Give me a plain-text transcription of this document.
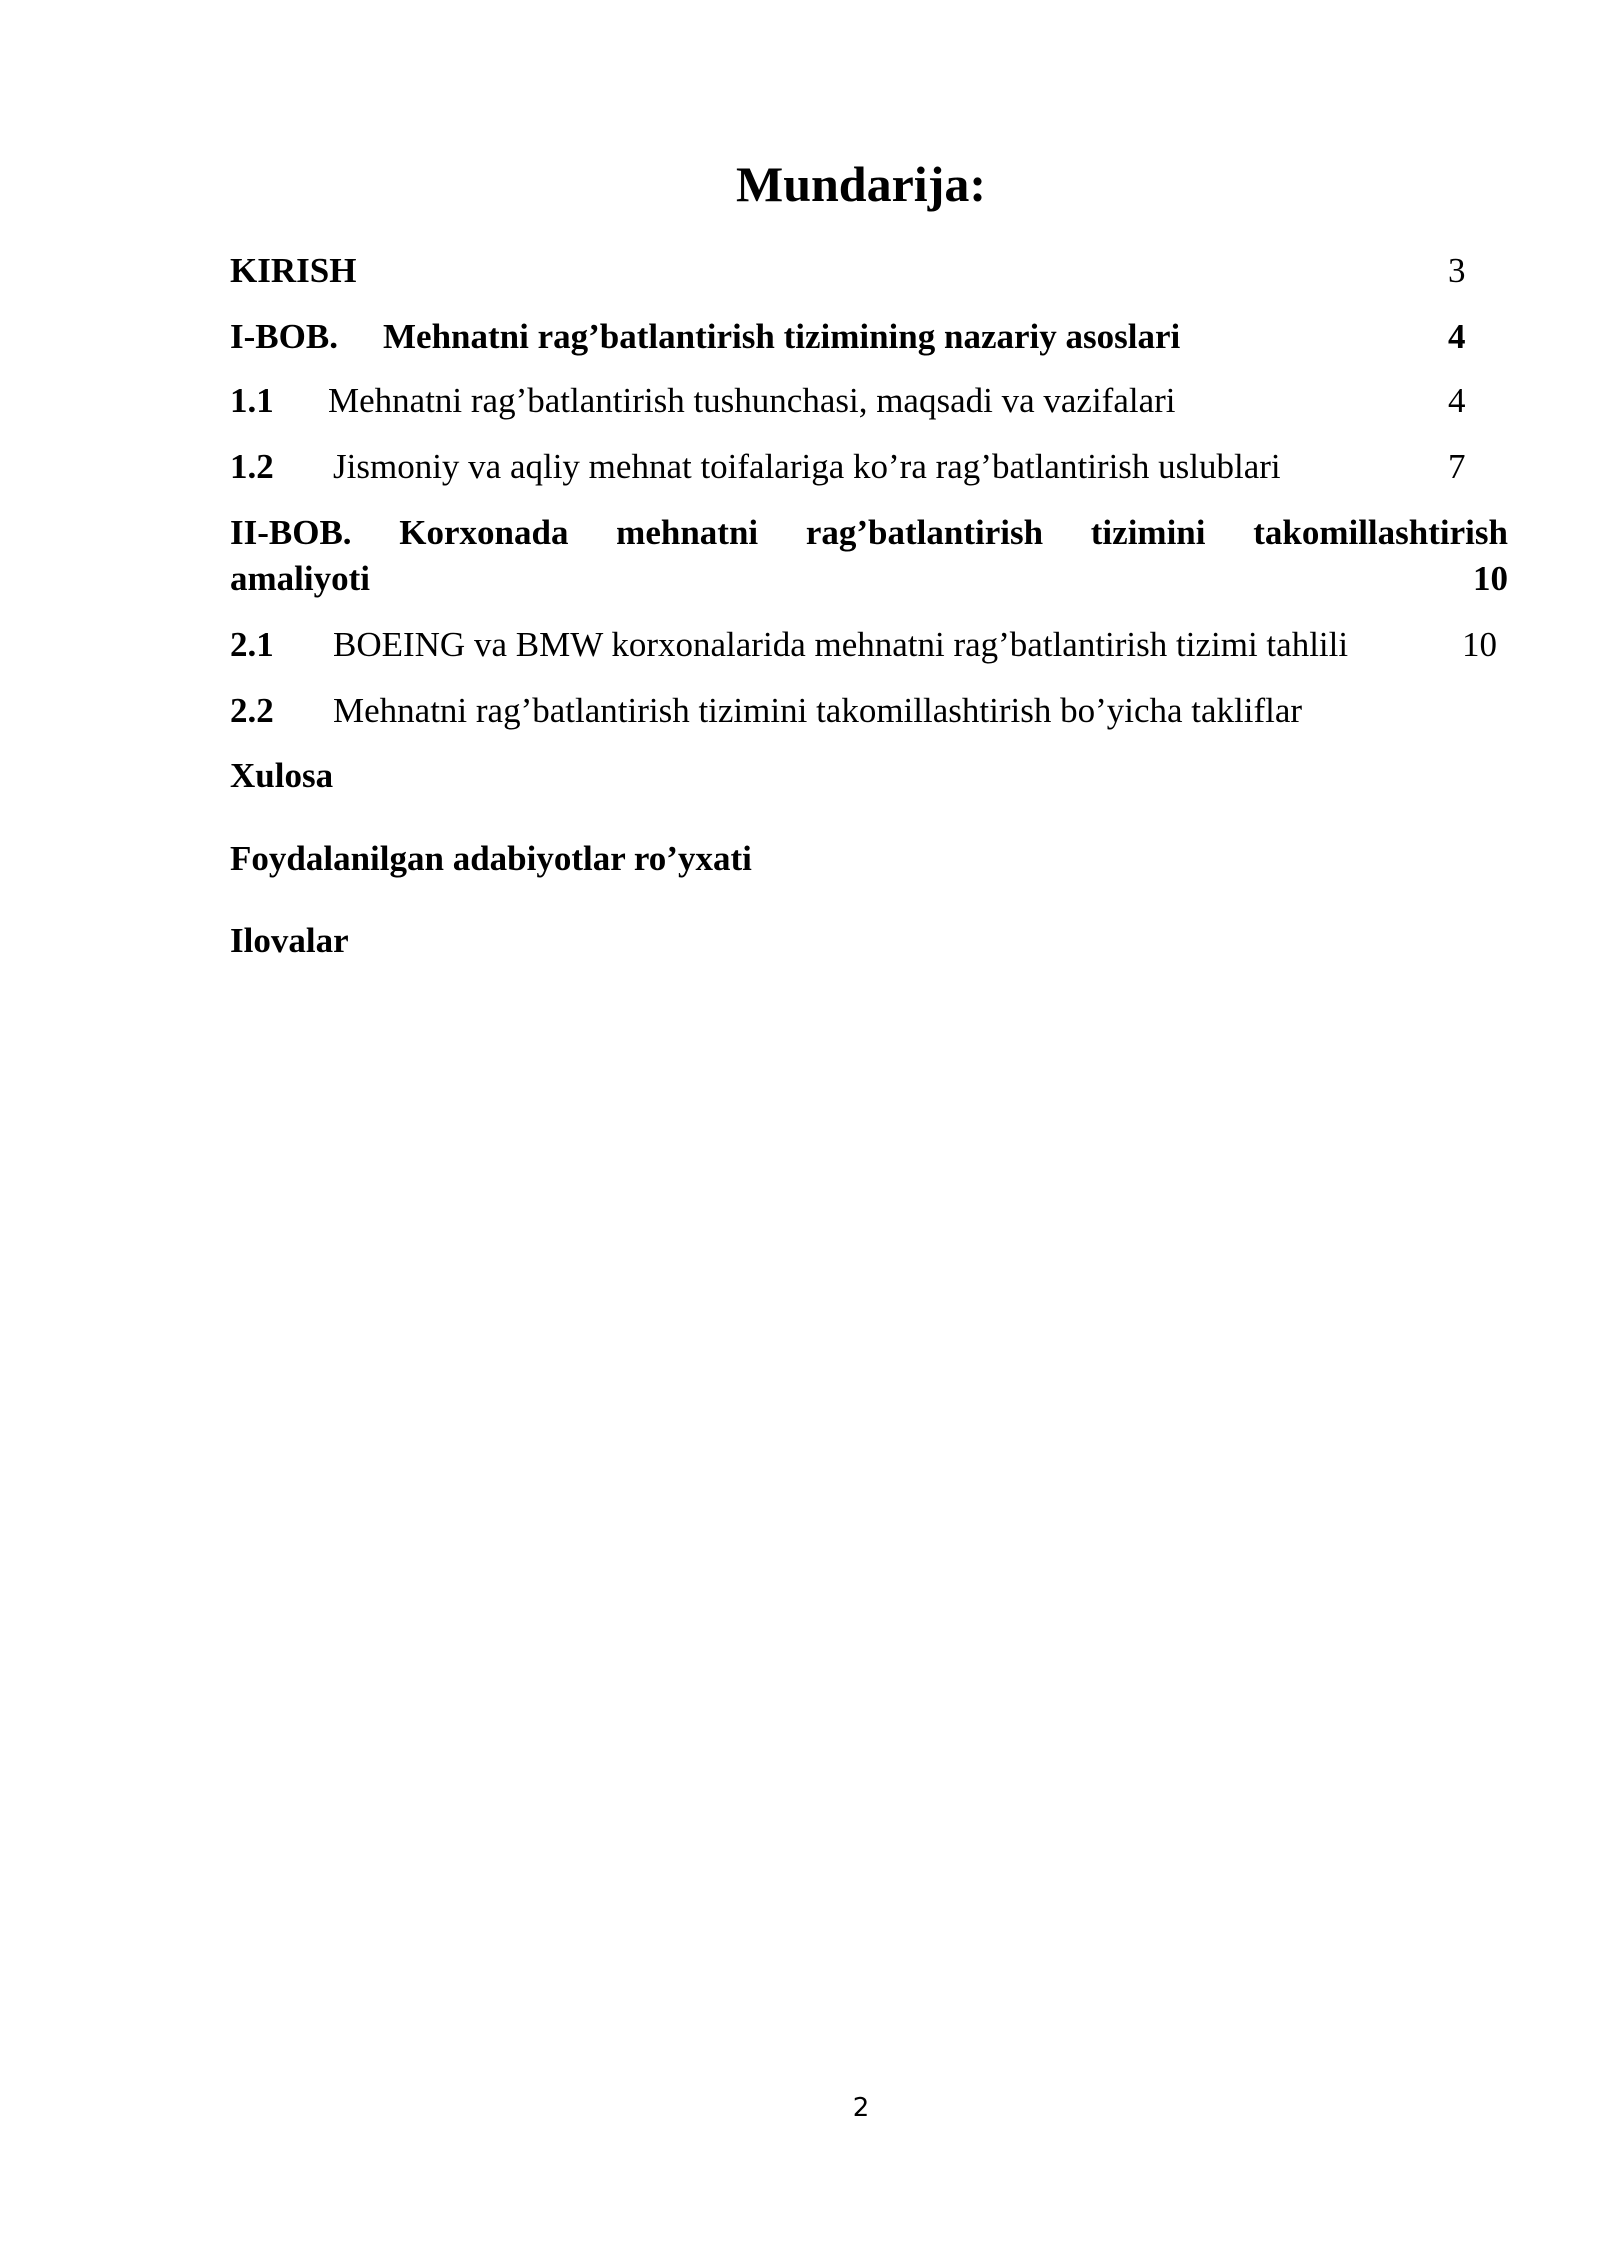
Mundarija:
KIRISH	3
I-BOB. Mehnatni rag’batlantirish tizimining nazariy asoslari	4
1.1 Mehnatni rag’batlantirish tushunchasi, maqsadi va vazifalari	4
1.2 Jismoniy va aqliy mehnat toifalariga ko’ra rag’batlantirish uslublari	7
II-BOB. Korxonada mehnatni rag’batlantirish tizimini takomillashtirish
amaliyoti	10
2.1 BOEING va BMW korxonalarida mehnatni rag’batlantirish tizimi tahlili	10
2.2 Mehnatni rag’batlantirish tizimini takomillashtirish bo’yicha takliflar
Xulosa
Foydalanilgan adabiyotlar ro’yxati
Ilovalar
2
